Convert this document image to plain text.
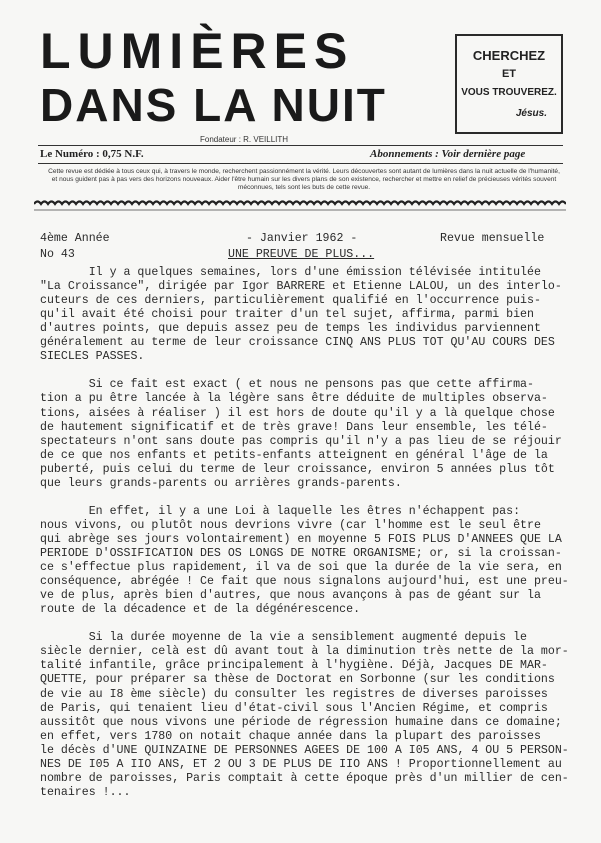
LUMIÈRES
DANS LA NUIT
CHERCHEZ
ET
VOUS TROUVEREZ.
Jésus.
Fondateur : R. VEILLITH
Le Numéro : 0,75 N.F.	Abonnements : Voir dernière page
Cette revue est dédiée à tous ceux qui, à travers le monde, recherchent passionnément la vérité. Leurs découvertes sont autant de lumières dans la nuit actuelle de l'humanité, et nous guident pas à pas vers des horizons nouveaux. Aider l'être humain sur les divers plans de son existence, rechercher et mettre en relief de précieuses vérités souvent méconnues, tels sont les buts de cette revue.
4ème Année	- Janvier 1962 -	Revue mensuelle
No 43	UNE PREUVE DE PLUS...
Il y a quelques semaines, lors d'une émission télévisée intitulée
"La Croissance", dirigée par Igor BARRERE et Etienne LALOU, un des interlo-
cuteurs de ces derniers, particulièrement qualifié en l'occurrence puis-
qu'il avait été choisi pour traiter d'un tel sujet, affirma, parmi bien
d'autres points, que depuis assez peu de temps les individus parviennent
généralement au terme de leur croissance CINQ ANS PLUS TOT QU'AU COURS DES
SIECLES PASSES.
Si ce fait est exact ( et nous ne pensons pas que cette affirma-
tion a pu être lancée à la légère sans être déduite de multiples observa-
tions, aisées à réaliser ) il est hors de doute qu'il y a là quelque chose
de hautement significatif et de très grave! Dans leur ensemble, les télé-
spectateurs n'ont sans doute pas compris qu'il n'y a pas lieu de se réjouir
de ce que nos enfants et petits-enfants atteignent en général l'âge de la
puberté, puis celui du terme de leur croissance, environ 5 années plus tôt
que leurs grands-parents ou arrières grands-parents.
En effet, il y a une Loi à laquelle les êtres n'échappent pas:
nous vivons, ou plutôt nous devrions vivre (car l'homme est le seul être
qui abrège ses jours volontairement) en moyenne 5 FOIS PLUS D'ANNEES QUE LA
PERIODE D'OSSIFICATION DES OS LONGS DE NOTRE ORGANISME; or, si la croissan-
ce s'effectue plus rapidement, il va de soi que la durée de la vie sera, en
conséquence, abrégée ! Ce fait que nous signalons aujourd'hui, est une preu-
ve de plus, après bien d'autres, que nous avançons à pas de géant sur la
route de la décadence et de la dégénérescence.
Si la durée moyenne de la vie a sensiblement augmenté depuis le
siècle dernier, celà est dû avant tout à la diminution très nette de la mor-
talité infantile, grâce principalement à l'hygiène. Déjà, Jacques DE MAR-
QUETTE, pour préparer sa thèse de Doctorat en Sorbonne (sur les conditions
de vie au I8 ème siècle) du consulter les registres de diverses paroisses
de Paris, qui tenaient lieu d'état-civil sous l'Ancien Régime, et compris
aussitôt que nous vivons une période de régression humaine dans ce domaine;
en effet, vers 1780 on notait chaque année dans la plupart des paroisses
le décès d'UNE QUINZAINE DE PERSONNES AGEES DE 100 A I05 ANS, 4 OU 5 PERSON-
NES DE I05 A IIO ANS, ET 2 OU 3 DE PLUS DE IIO ANS ! Proportionnellement au
nombre de paroisses, Paris comptait à cette époque près d'un millier de cen-
tenaires !...
